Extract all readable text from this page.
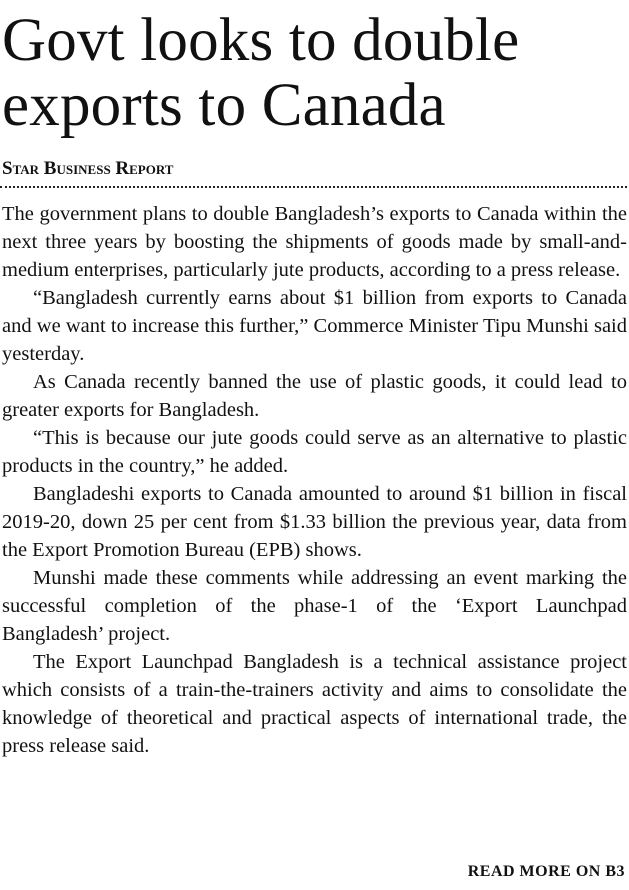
Govt looks to double exports to Canada
Star Business Report

The government plans to double Bangladesh’s exports to Canada within the next three years by boosting the shipments of goods made by small-and-medium enterprises, particularly jute products, according to a press release.

“Bangladesh currently earns about $1 billion from exports to Canada and we want to increase this further,” Commerce Minister Tipu Munshi said yesterday.

As Canada recently banned the use of plastic goods, it could lead to greater exports for Bangladesh.

“This is because our jute goods could serve as an alternative to plastic products in the country,” he added.

Bangladeshi exports to Canada amounted to around $1 billion in fiscal 2019-20, down 25 per cent from $1.33 billion the previous year, data from the Export Promotion Bureau (EPB) shows.

Munshi made these comments while addressing an event marking the successful completion of the phase-1 of the ‘Export Launchpad Bangladesh’ project.

The Export Launchpad Bangladesh is a technical assistance project which consists of a train-the-trainers activity and aims to consolidate the knowledge of theoretical and practical aspects of international trade, the press release said.

READ MORE ON B3
